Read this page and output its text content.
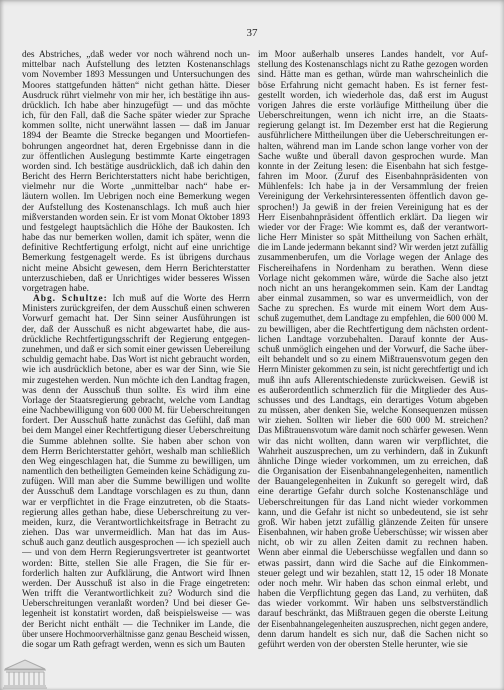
37
des Abstriches, „daß weder vor noch während noch un-
mittelbar nach Aufstellung des letzten Kostenanschlags
vom November 1893 Messungen und Untersuchungen des
Moores stattgefunden hätten“ nicht gethan hätte. Dieser
Ausdruck rührt vielmehr von mir her, ich bestätige ihn aus-
drücklich. Ich habe aber hinzugefügt — und das möchte
ich, für den Fall, daß die Sache später wieder zur Sprache
kommen sollte, nicht unerwähnt lassen — daß im Januar
1894 der Beamte die Strecke begangen und Moortiefen-
bohrungen angeordnet hat, deren Ergebnisse dann in die
zur öffentlichen Auslegung bestimmte Karte eingetragen
worden sind. Ich bestätige ausdrücklich, daß ich dahin den
Bericht des Herrn Berichterstatters nicht habe berichtigen,
vielmehr nur die Worte „unmittelbar nach“ habe er-
läutern wollen. Im Uebrigen noch eine Bemerkung wegen
der Aufstellung des Kostenanschlags. Ich muß auch hier
mißverstanden worden sein. Er ist vom Monat Oktober 1893
und festgelegt hauptsächlich die Höhe der Baukosten. Ich
habe das nur bemerken wollen, damit ich später, wenn die
definitive Rechtfertigung erfolgt, nicht auf eine unrichtige
Bemerkung festgenagelt werde. Es ist übrigens durchaus
nicht meine Absicht gewesen, dem Herrn Berichterstatter
unterzuschieben, daß er Unrichtiges wider besseres Wissen
vorgetragen habe.
Abg. Schultze: Ich muß auf die Worte des Herrn
Ministers zurückgreifen, der dem Ausschuß einen schweren
Vorwurf gemacht hat. Der Sinn seiner Ausführungen ist
der, daß der Ausschuß es nicht abgewartet habe, die aus-
drückliche Rechtfertigungsschrift der Regierung entgegen-
zunehmen, und daß er sich somit einer gewissen Uebereilung
schuldig gemacht habe. Das Wort ist nicht gebraucht worden,
wie ich ausdrücklich betone, aber es war der Sinn, wie Sie
mir zugestehen werden. Nun möchte ich den Landtag fragen,
was denn der Ausschuß thun sollte. Es wird ihm eine
Vorlage der Staatsregierung gebracht, welche vom Landtag
eine Nachbewilligung von 600 000 M. für Ueberschreitungen
fordert. Der Ausschuß hatte zunächst das Gefühl, daß man
bei dem Mangel einer Rechtfertigung dieser Ueberschreitung
die Summe ablehnen sollte. Sie haben aber schon von
dem Herrn Berichterstatter gehört, weshalb man schließlich
den Weg eingeschlagen hat, die Summe zu bewilligen, um
namentlich den betheiligten Gemeinden keine Schädigung zu-
zufügen. Will man aber die Summe bewilligen und wollte
der Ausschuß dem Landtage vorschlagen es zu thun, dann
war er verpflichtet in die Frage einzutreten, ob die Staats-
regierung alles gethan habe, diese Ueberschreitung zu ver-
meiden, kurz, die Verantwortlichkeitsfrage in Betracht zu
ziehen. Das war unvermeidlich. Man hat das im Aus-
schuß auch ganz deutlich ausgesprochen — ich speziell auch
— und von dem Herrn Regierungsvertreter ist geantwortet
worden: Bitte, stellen Sie alle Fragen, die Sie für er-
forderlich halten zur Aufklärung, die Antwort wird Ihnen
werden. Der Ausschuß ist also in die Frage eingetreten:
Wen trifft die Verantwortlichkeit zu? Wodurch sind die
Ueberschreitungen veranlaßt worden? Und bei dieser Ge-
legenheit ist konstatirt worden, daß beispielsweise — was
der Bericht nicht enthält — die Techniker im Lande, die
über unsere Hochmoorverhältnisse ganz genau Bescheid wissen,
die sogar um Rath gefragt werden, wenn es sich um Bauten
im Moor außerhalb unseres Landes handelt, vor Auf-
stellung des Kostenanschlags nicht zu Rathe gezogen worden
sind. Hätte man es gethan, würde man wahrscheinlich die
böse Erfahrung nicht gemacht haben. Es ist ferner fest-
gestellt worden, ich wiederhole das, daß erst im August
vorigen Jahres die erste vorläufige Mittheilung über die
Ueberschreitungen, wenn ich nicht irre, an die Staats-
regierung gelangt ist. Im Dezember erst hat die Regierung
ausführlichere Mittheilungen über die Ueberschreitungen er-
halten, während man im Lande schon lange vorher von der
Sache wußte und überall davon gesprochen wurde. Man
konnte in der Zeitung lesen: die Eisenbahn hat sich festge-
fahren im Moor. (Zuruf des Eisenbahnpräsidenten von
Mühlenfels: Ich habe ja in der Versammlung der freien
Vereinigung der Verkehrsinteressenten öffentlich davon ge-
sprochen!) Ja gewiß in der freien Vereinigung hat es der
Herr Eisenbahnpräsident öffentlich erklärt. Da liegen wir
wieder vor der Frage: Wie kommt es, daß der verantwort-
liche Herr Minister so spät Mittheilung von Sachen erhält,
die im Lande jedermann bekannt sind? Wir werden jetzt zufällig
zusammenberufen, um die Vorlage wegen der Anlage des
Fischereihafens in Nordenham zu berathen. Wenn diese
Vorlage nicht gekommen wäre, würde die Sache also jetzt
noch nicht an uns herangekommen sein. Kam der Landtag
aber einmal zusammen, so war es unvermeidlich, von der
Sache zu sprechen. Es wurde mit einem Wort dem Aus-
schuß zugemuthet, dem Landtage zu empfehlen, die 600 000 M.
zu bewilligen, aber die Rechtfertigung dem nächsten ordent-
lichen Landtage vorzubehalten. Darauf konnte der Aus-
schuß unmöglich eingehen und der Vorwurf, die Sache über-
eilt behandelt und so zu einem Mißtrauensvotum gegen den
Herrn Minister gekommen zu sein, ist nicht gerechtfertigt und ich
muß ihn aufs Allerentschiedenste zurückweisen. Gewiß ist
es außerordentlich schmerzlich für die Mitglieder des Aus-
schusses und des Landtags, ein derartiges Votum abgeben
zu müssen, aber denken Sie, welche Konsequenzen müssen
wir ziehen. Sollten wir lieber die 600 000 M. streichen?
Das Mißtrauensvotum wäre damit noch schärfer gewesen. Wenn
wir das nicht wollten, dann waren wir verpflichtet, die
Wahrheit auszusprechen, um zu verhindern, daß in Zukunft
ähnliche Dinge wieder vorkommen, um zu erreichen, daß
die Organisation der Eisenbahnangelegenheiten, namentlich
der Bauangelegenheiten in Zukunft so geregelt wird, daß
eine derartige Gefahr durch solche Kostenanschläge und
Ueberschreitungen für das Land nicht wieder vorkommen
kann, und die Gefahr ist nicht so unbedeutend, sie ist sehr
groß. Wir haben jetzt zufällig glänzende Zeiten für unsere
Eisenbahnen, wir haben große Ueberschüsse; wir wissen aber
nicht, ob wir zu allen Zeiten damit zu rechnen haben.
Wenn aber einmal die Ueberschüsse wegfallen und dann so
etwas passirt, dann wird die Sache auf die Einkommen-
steuer gelegt und wir bezahlen, statt 12, 15 oder 18 Monate
oder noch mehr. Wir haben das schon einmal erlebt, und
haben die Verpflichtung gegen das Land, zu verhüten, daß
das wieder vorkommt. Wir haben uns selbstverständlich
darauf beschränkt, das Mißtrauen gegen die oberste Leitung
der Eisenbahnangelegenheiten auszusprechen, nicht gegen andere,
denn darum handelt es sich nur, daß die Sachen nicht so
geführt werden von der obersten Stelle herunter, wie sie
